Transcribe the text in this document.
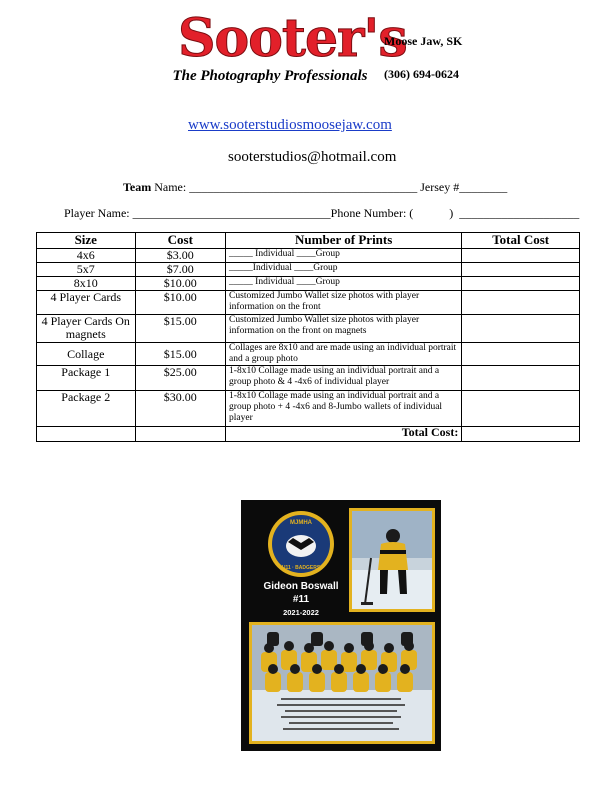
Sooter's
The Photography Professionals
Moose Jaw, SK
(306) 694-0624
www.sooterstudiosmoosejaw.com
sooterstudios@hotmail.com
Team Name: ______________________________________ Jersey #________
Player Name: _________________________________Phone Number: (            )  ____________________
Size	Cost	Number of Prints	Total Cost
4x6	$3.00	_____ Individual ____Group	
5x7	$7.00	_____Individual ____Group	
8x10	$10.00	_____ Individual ____Group	
4 Player Cards	$10.00	Customized Jumbo Wallet size photos with player information on the front	
4 Player Cards On magnets	$15.00	Customized Jumbo Wallet size photos with player information on the front on magnets	
Collage	$15.00	Collages are 8x10 and are made using an individual portrait and a group photo	
Package 1	$25.00	1-8x10 Collage made using an individual portrait and a group photo & 4 -4x6 of individual player	
Package 2	$30.00	1-8x10 Collage made using an individual portrait and a group photo + 4 -4x6 and 8-Jumbo wallets of individual player	
		Total Cost:	
MJMHA
U11 · BADGERS
Gideon Boswall
#11
2021-2022
